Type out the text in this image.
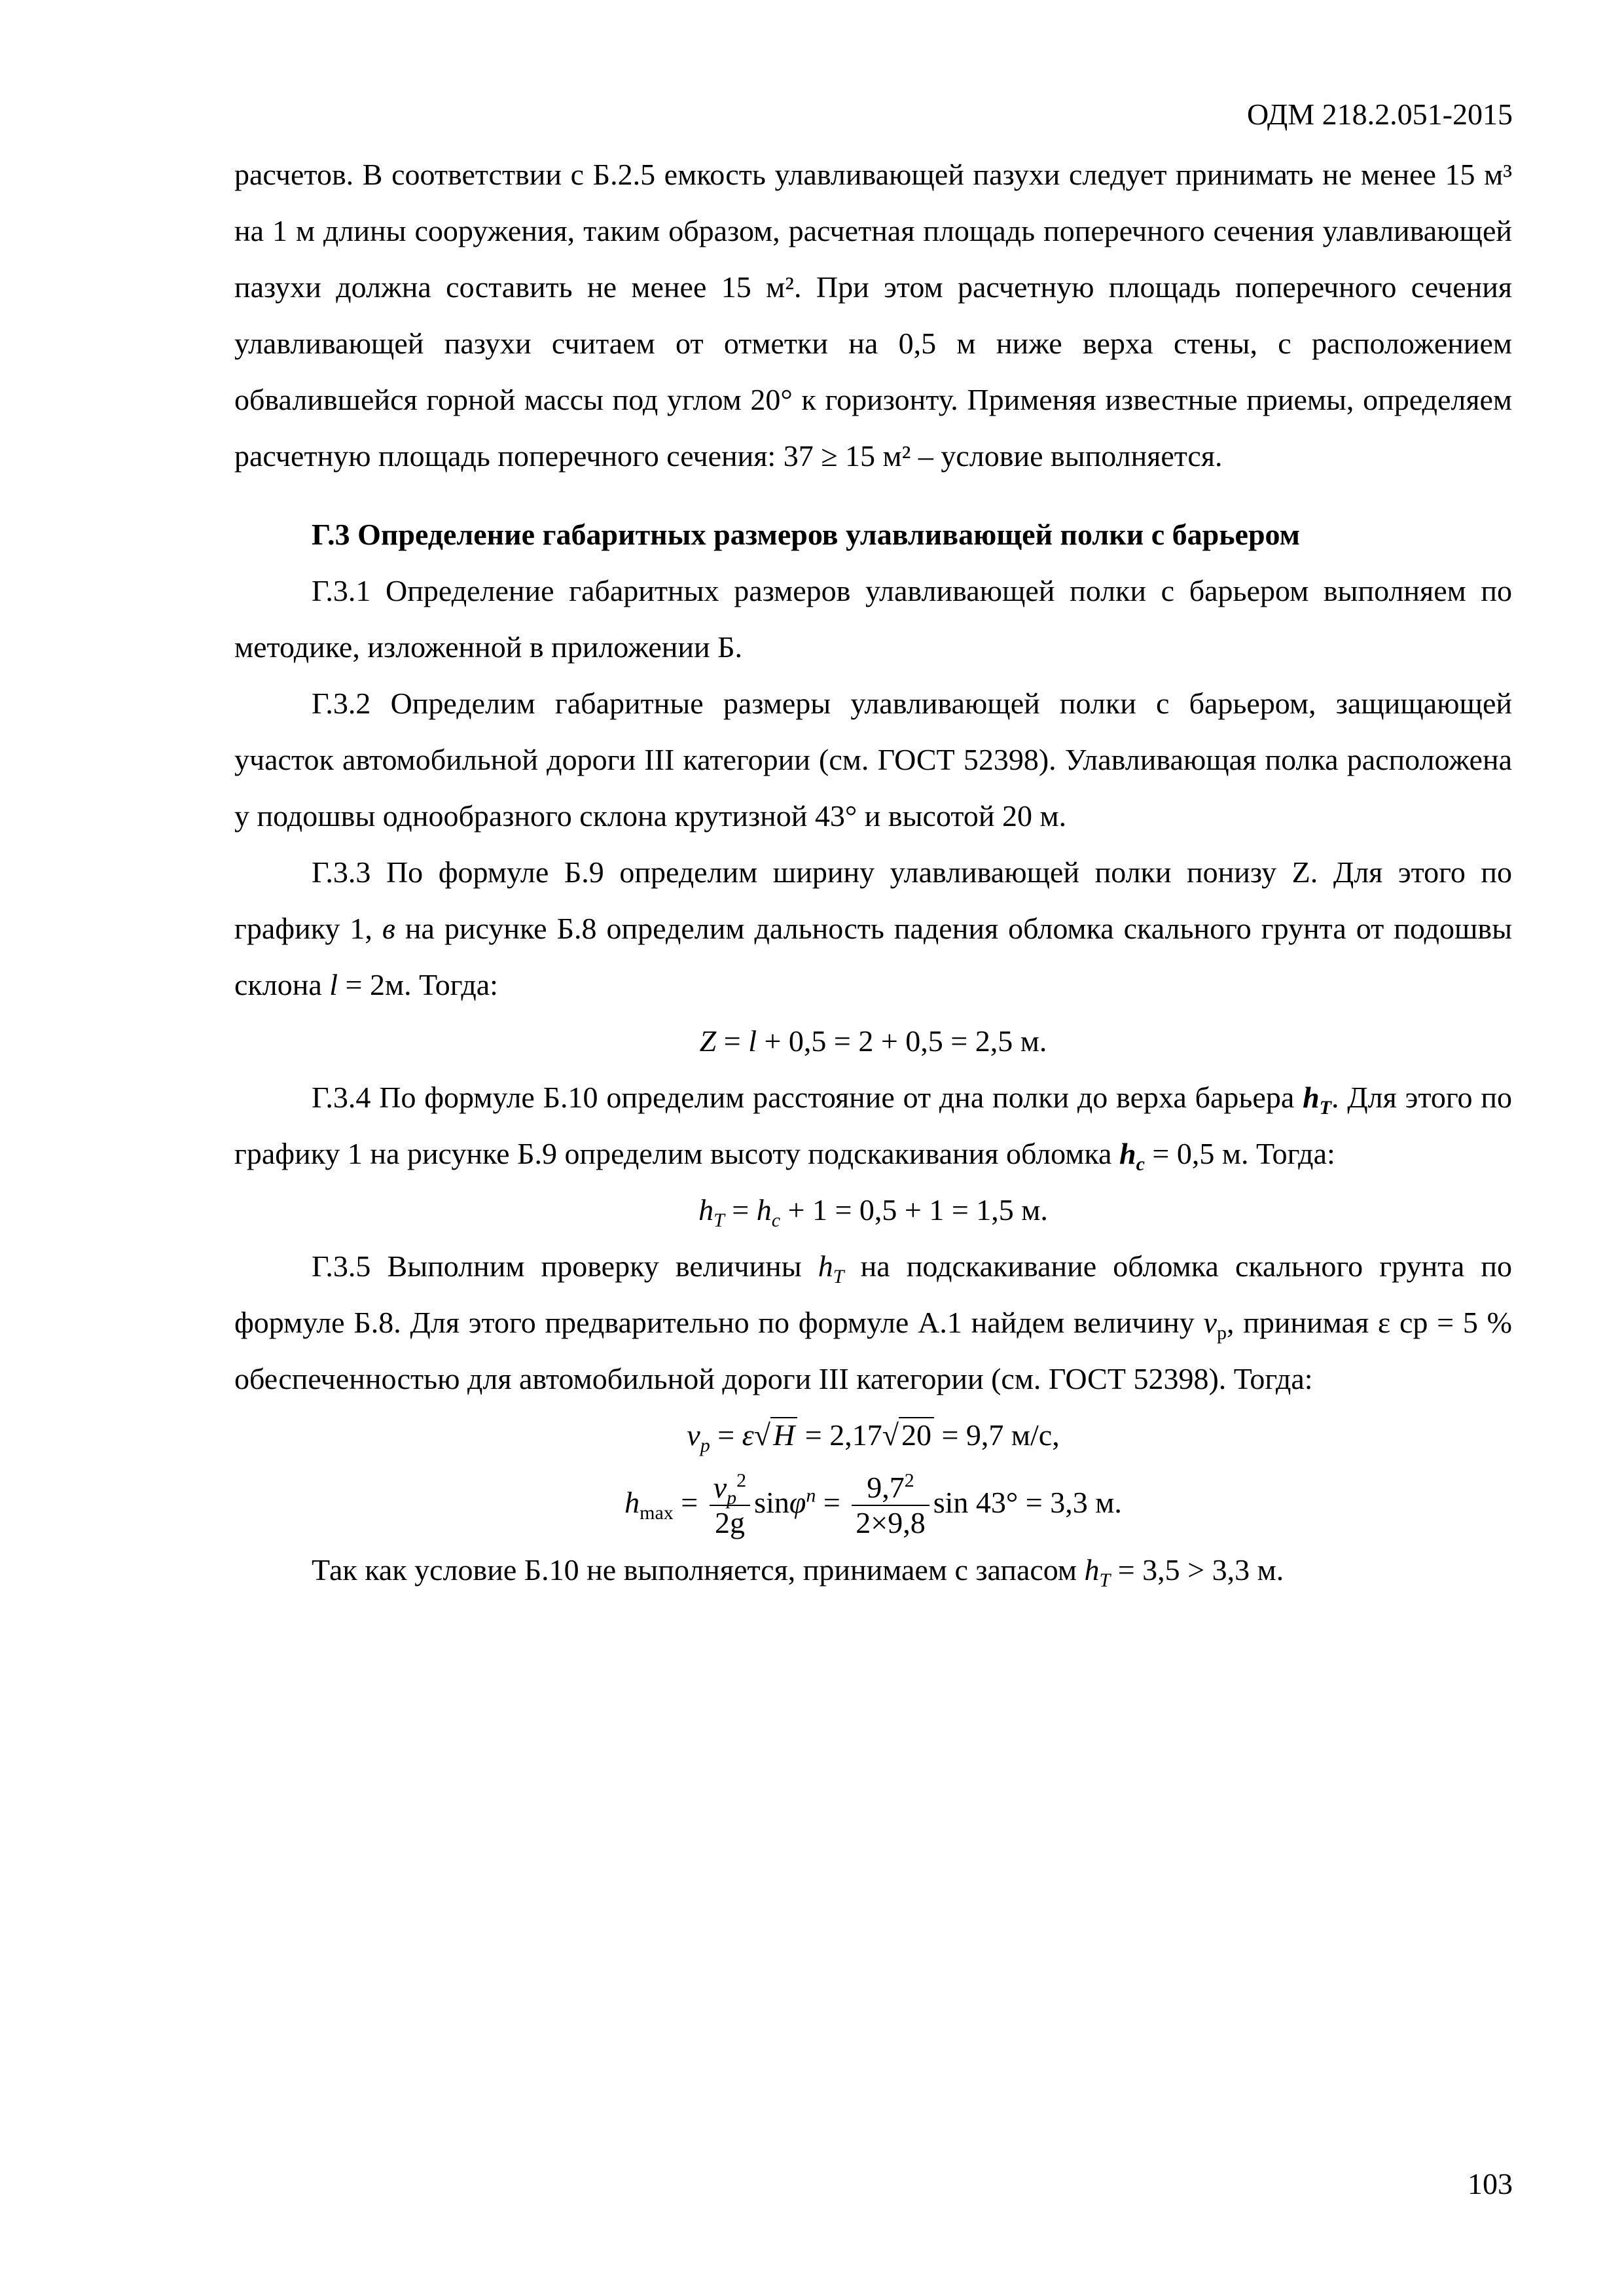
ОДМ 218.2.051-2015

расчетов. В соответствии с Б.2.5 емкость улавливающей пазухи следует принимать не менее 15 м³ на 1 м длины сооружения, таким образом, расчетная площадь поперечного сечения улавливающей пазухи должна составить не менее 15 м². При этом расчетную площадь поперечного сечения улавливающей пазухи считаем от отметки на 0,5 м ниже верха стены, с расположением обвалившейся горной массы под углом 20° к горизонту. Применяя известные приемы, определяем расчетную площадь поперечного сечения: 37 ≥ 15 м² – условие выполняется.

Г.3 Определение габаритных размеров улавливающей полки с барьером

Г.3.1 Определение габаритных размеров улавливающей полки с барьером выполняем по методике, изложенной в приложении Б.

Г.3.2 Определим габаритные размеры улавливающей полки с барьером, защищающей участок автомобильной дороги III категории (см. ГОСТ 52398). Улавливающая полка расположена у подошвы однообразного склона крутизной 43° и высотой 20 м.

Г.3.3 По формуле Б.9 определим ширину улавливающей полки понизу Z. Для этого по графику 1, в на рисунке Б.8 определим дальность падения обломка скального грунта от подошвы склона l = 2м. Тогда:

Z = l + 0,5 = 2 + 0,5 = 2,5 м.

Г.3.4 По формуле Б.10 определим расстояние от дна полки до верха барьера $h_T$. Для этого по графику 1 на рисунке Б.9 определим высоту подскакивания обломка $h_c = 0,5$ м. Тогда:

$h_T = h_c + 1 = 0,5 + 1 = 1,5$ м.

Г.3.5 Выполним проверку величины $h_T$ на подскакивание обломка скального грунта по формуле Б.8. Для этого предварительно по формуле А.1 найдем величину $v_р$, принимая ε ср = 5 % обеспеченностью для автомобильной дороги III категории (см. ГОСТ 52398). Тогда:

$\nu_p = \varepsilon√H = 2,17√20 = 9,7$ м/с,

$h_{max} = \frac{\nu_p^2}{2g} \sin\varphi^n = \frac{9,7^2}{2\times 9,8}$ sin 43° = 3,3 м.

Так как условие Б.10 не выполняется, принимаем с запасом $h_T = 3,5 > 3,3$ м.

103
